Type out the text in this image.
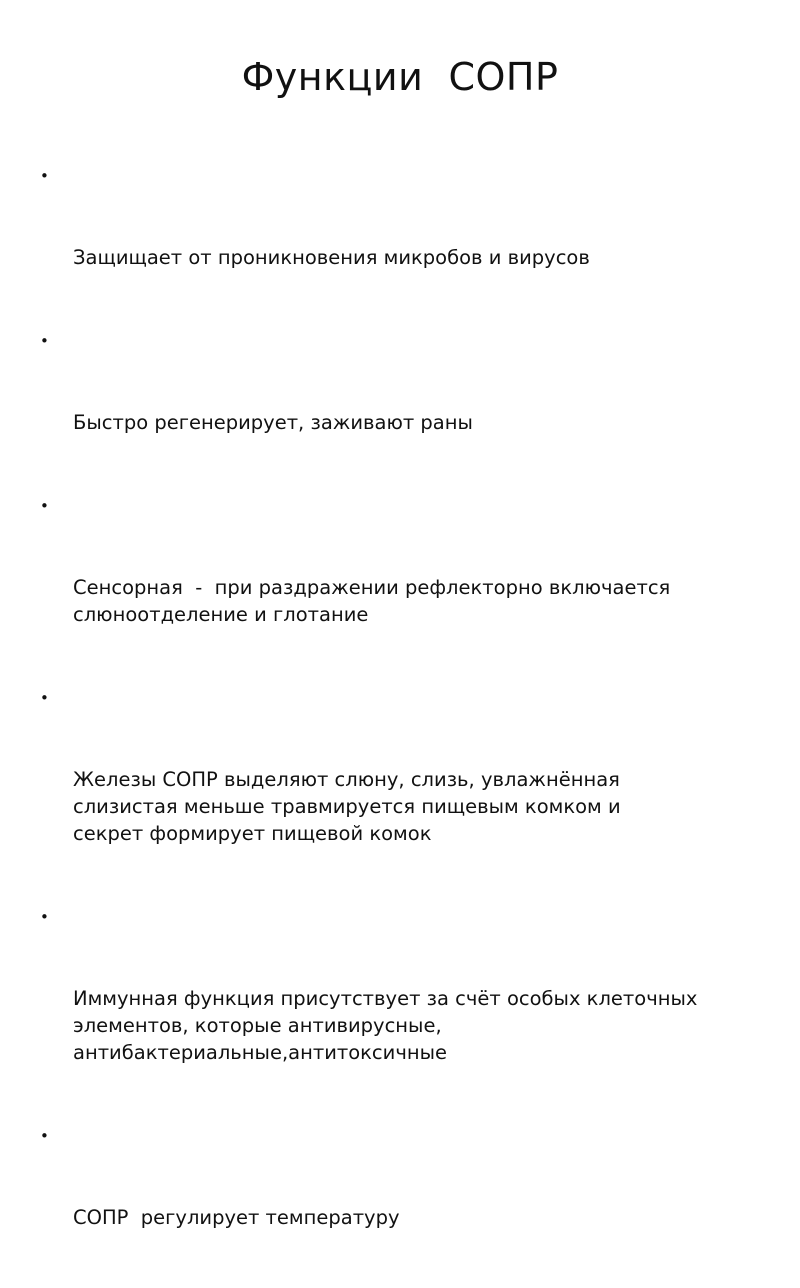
Функции  СОПР

•

Защищает от проникновения микробов и вирусов

•

Быстро регенерирует, заживают раны

•

Сенсорная  -  при раздражении рефлекторно включается
слюноотделение и глотание

•

Железы СОПР выделяют слюну, слизь, увлажнённая
слизистая меньше травмируется пищевым комком и
секрет формирует пищевой комок

•

Иммунная функция присутствует за счёт особых клеточных
элементов, которые антивирусные,
антибактериальные,антитоксичные

•

СОПР  регулирует температуру
